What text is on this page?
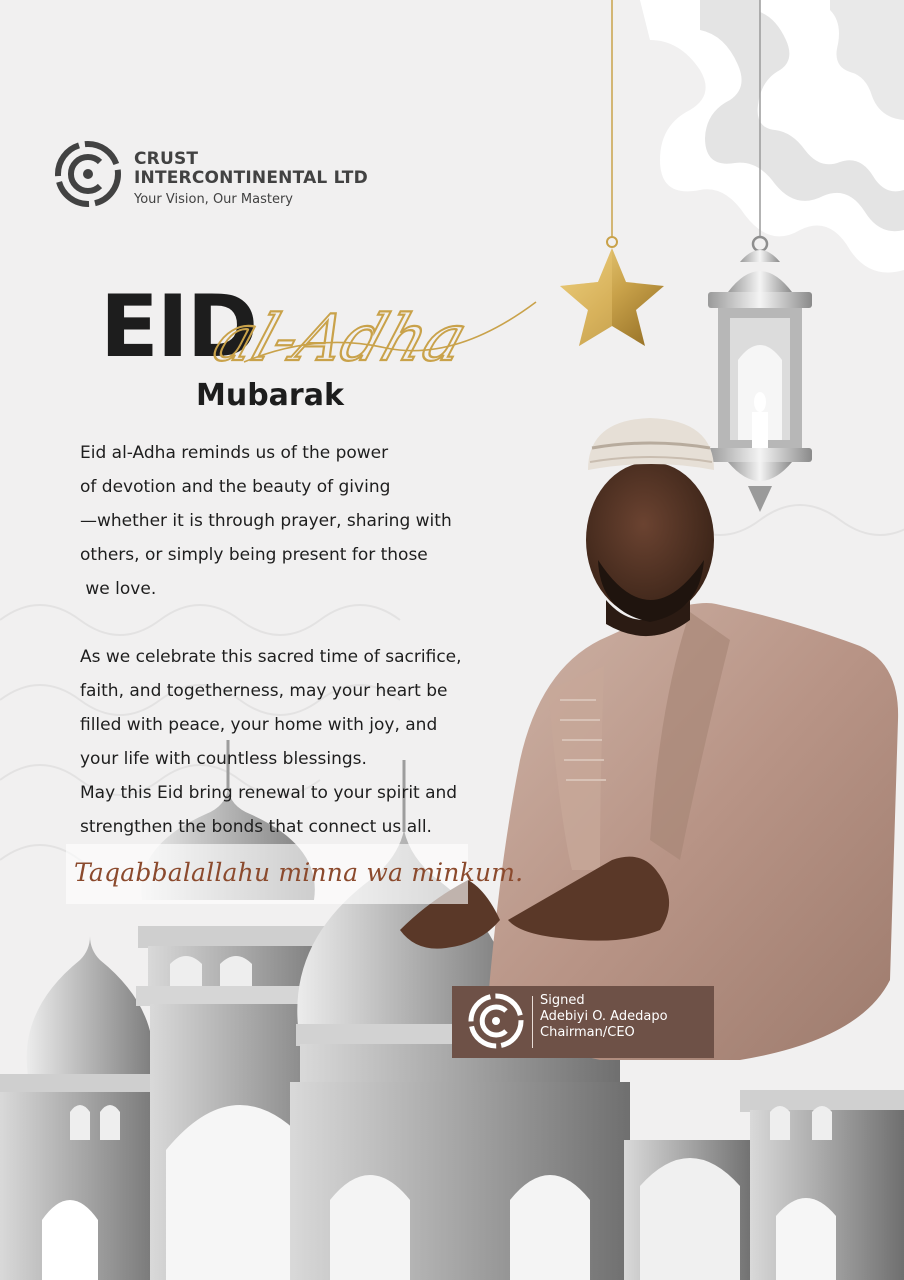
CRUST
INTERCONTINENTAL LTD
Your Vision, Our Mastery
EID
al-Adha
Mubarak

Eid al-Adha reminds us of the power

of devotion and the beauty of giving

—whether it is through prayer, sharing with

others, or simply being present for those

we love.

As we celebrate this sacred time of sacrifice,

faith, and togetherness, may your heart be

filled with peace, your home with joy, and

your life with countless blessings.

May this Eid bring renewal to your spirit and

strengthen the bonds that connect us all.

Taqabbalallahu minna wa minkum.
Signed
Adebiyi O. Adedapo
Chairman/CEO
